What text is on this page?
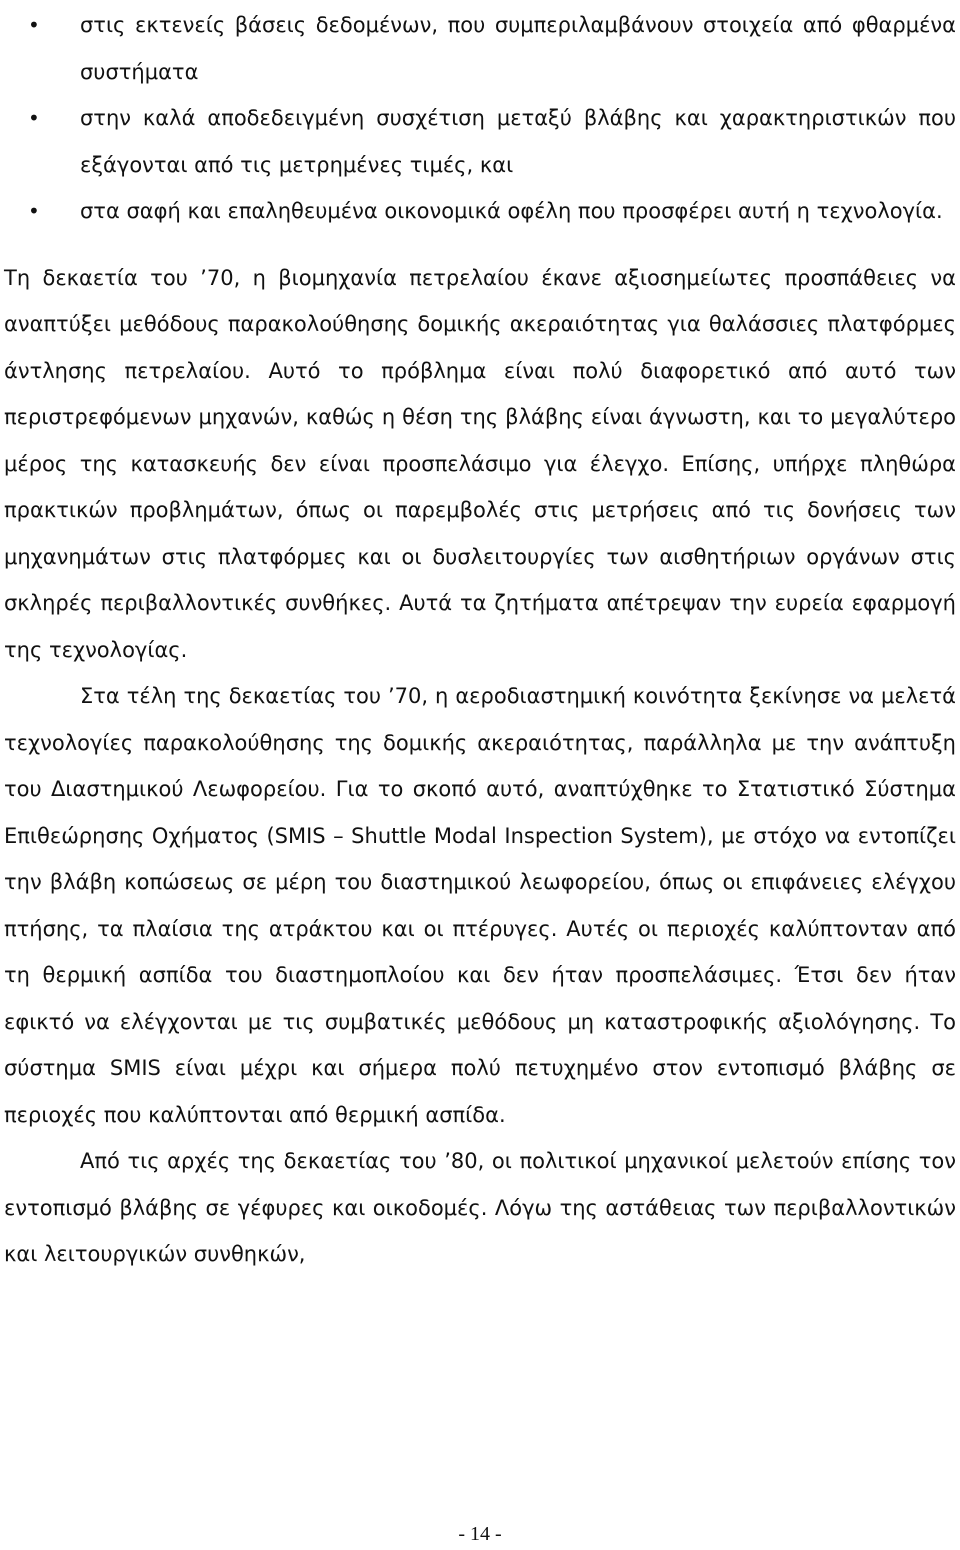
• στις εκτενείς βάσεις δεδομένων, που συμπεριλαμβάνουν στοιχεία από φθαρμένα συστήματα
• στην καλά αποδεδειγμένη συσχέτιση μεταξύ βλάβης και χαρακτηριστικών που εξάγονται από τις μετρημένες τιμές, και
• στα σαφή και επαληθευμένα οικονομικά οφέλη που προσφέρει αυτή η τεχνολογία.

Τη δεκαετία του ’70, η βιομηχανία πετρελαίου έκανε αξιοσημείωτες προσπάθειες να αναπτύξει μεθόδους παρακολούθησης δομικής ακεραιότητας για θαλάσσιες πλατφόρμες άντλησης πετρελαίου. Αυτό το πρόβλημα είναι πολύ διαφορετικό από αυτό των περιστρεφόμενων μηχανών, καθώς η θέση της βλάβης είναι άγνωστη, και το μεγαλύτερο μέρος της κατασκευής δεν είναι προσπελάσιμο για έλεγχο. Επίσης, υπήρχε πληθώρα πρακτικών προβλημάτων, όπως οι παρεμβολές στις μετρήσεις από τις δονήσεις των μηχανημάτων στις πλατφόρμες και οι δυσλειτουργίες των αισθητήριων οργάνων στις σκληρές περιβαλλοντικές συνθήκες. Αυτά τα ζητήματα απέτρεψαν την ευρεία εφαρμογή της τεχνολογίας.

Στα τέλη της δεκαετίας του ’70, η αεροδιαστημική κοινότητα ξεκίνησε να μελετά τεχνολογίες παρακολούθησης της δομικής ακεραιότητας, παράλληλα με την ανάπτυξη του Διαστημικού Λεωφορείου. Για το σκοπό αυτό, αναπτύχθηκε το Στατιστικό Σύστημα Επιθεώρησης Οχήματος (SMIS – Shuttle Modal Inspection System), με στόχο να εντοπίζει την βλάβη κοπώσεως σε μέρη του διαστημικού λεωφορείου, όπως οι επιφάνειες ελέγχου πτήσης, τα πλαίσια της ατράκτου και οι πτέρυγες. Αυτές οι περιοχές καλύπτονταν από τη θερμική ασπίδα του διαστημοπλοίου και δεν ήταν προσπελάσιμες. Έτσι δεν ήταν εφικτό να ελέγχονται με τις συμβατικές μεθόδους μη καταστροφικής αξιολόγησης. Το σύστημα SMIS είναι μέχρι και σήμερα πολύ πετυχημένο στον εντοπισμό βλάβης σε περιοχές που καλύπτονται από θερμική ασπίδα.

Από τις αρχές της δεκαετίας του ’80, οι πολιτικοί μηχανικοί μελετούν επίσης τον εντοπισμό βλάβης σε γέφυρες και οικοδομές. Λόγω της αστάθειας των περιβαλλοντικών και λειτουργικών συνθηκών,

- 14 -
